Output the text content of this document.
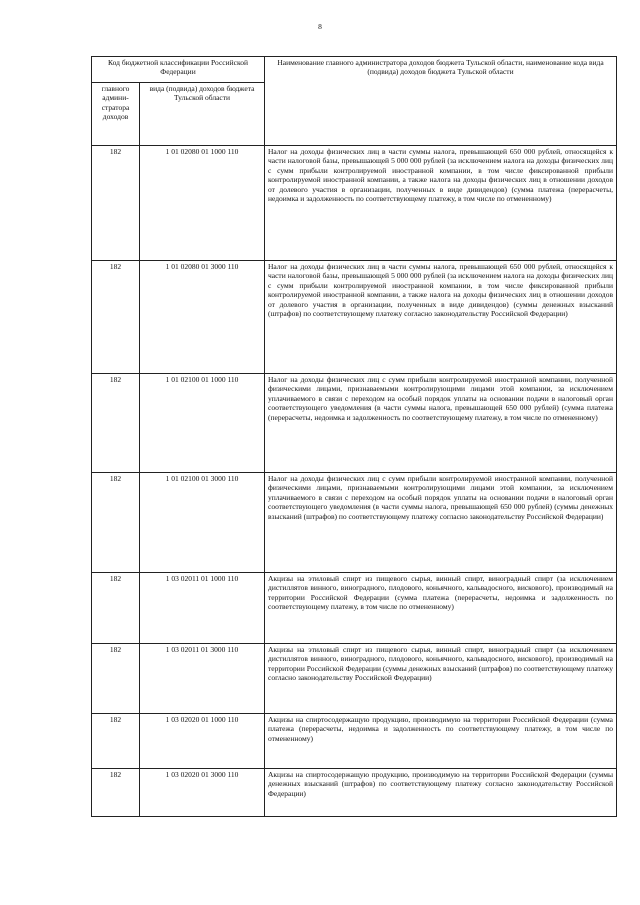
8
Код бюджетной классификации Российской Федерации		Наименование главного администратора доходов бюджета Тульской области, наименование кода вида (подвида) доходов бюджета Тульской области
главного админи-стратора доходов	вида (подвида) доходов бюджета Тульской области	
182	1 01 02080 01 1000 110	Налог на доходы физических лиц в части суммы налога, превышающей 650 000 рублей, относящейся к части налоговой базы, превышающей 5 000 000 рублей (за исключением налога на доходы физических лиц с сумм прибыли контролируемой иностранной компании, в том числе фиксированной прибыли контролируемой иностранной компании, а также налога на доходы физических лиц в отношении доходов от долевого участия в организации, полученных в виде дивидендов) (сумма платежа (перерасчеты, недоимка и задолженность по соответствующему платежу, в том числе по отмененному)
182	1 01 02080 01 3000 110	Налог на доходы физических лиц в части суммы налога, превышающей 650 000 рублей, относящейся к части налоговой базы, превышающей 5 000 000 рублей (за исключением налога на доходы физических лиц с сумм прибыли контролируемой иностранной компании, в том числе фиксированной прибыли контролируемой иностранной компании, а также налога на доходы физических лиц в отношении доходов от долевого участия в организации, полученных в виде дивидендов) (суммы денежных взысканий (штрафов) по соответствующему платежу согласно законодательству Российской Федерации)
182	1 01 02100 01 1000 110	Налог на доходы физических лиц с сумм прибыли контролируемой иностранной компании, полученной физическими лицами, признаваемыми контролирующими лицами этой компании, за исключением уплачиваемого в связи с переходом на особый порядок уплаты на основании подачи в налоговый орган соответствующего уведомления (в части суммы налога, превышающей 650 000 рублей) (сумма платежа (перерасчеты, недоимка и задолженность по соответствующему платежу, в том числе по отмененному)
182	1 01 02100 01 3000 110	Налог на доходы физических лиц с сумм прибыли контролируемой иностранной компании, полученной физическими лицами, признаваемыми контролирующими лицами этой компании, за исключением уплачиваемого в связи с переходом на особый порядок уплаты на основании подачи в налоговый орган соответствующего уведомления (в части суммы налога, превышающей 650 000 рублей) (суммы денежных взысканий (штрафов) по соответствующему платежу согласно законодательству Российской Федерации)
182	1 03 02011 01 1000 110	Акцизы на этиловый спирт из пищевого сырья, винный спирт, виноградный спирт (за исключением дистиллятов винного, виноградного, плодового, коньячного, кальвадосного, вискового), производимый на территории Российской Федерации (сумма платежа (перерасчеты, недоимка и задолженность по соответствующему платежу, в том числе по отмененному)
182	1 03 02011 01 3000 110	Акцизы на этиловый спирт из пищевого сырья, винный спирт, виноградный спирт (за исключением дистиллятов винного, виноградного, плодового, коньячного, кальвадосного, вискового), производимый на территории Российской Федерации (суммы денежных взысканий (штрафов) по соответствующему платежу согласно законодательству Российской Федерации)
182	1 03 02020 01 1000 110	Акцизы на спиртосодержащую продукцию, производимую на территории Российской Федерации (сумма платежа (перерасчеты, недоимка и задолженность по соответствующему платежу, в том числе по отмененному)
182	1 03 02020 01 3000 110	Акцизы на спиртосодержащую продукцию, производимую на территории Российской Федерации (суммы денежных взысканий (штрафов) по соответствующему платежу согласно законодательству Российской Федерации)
